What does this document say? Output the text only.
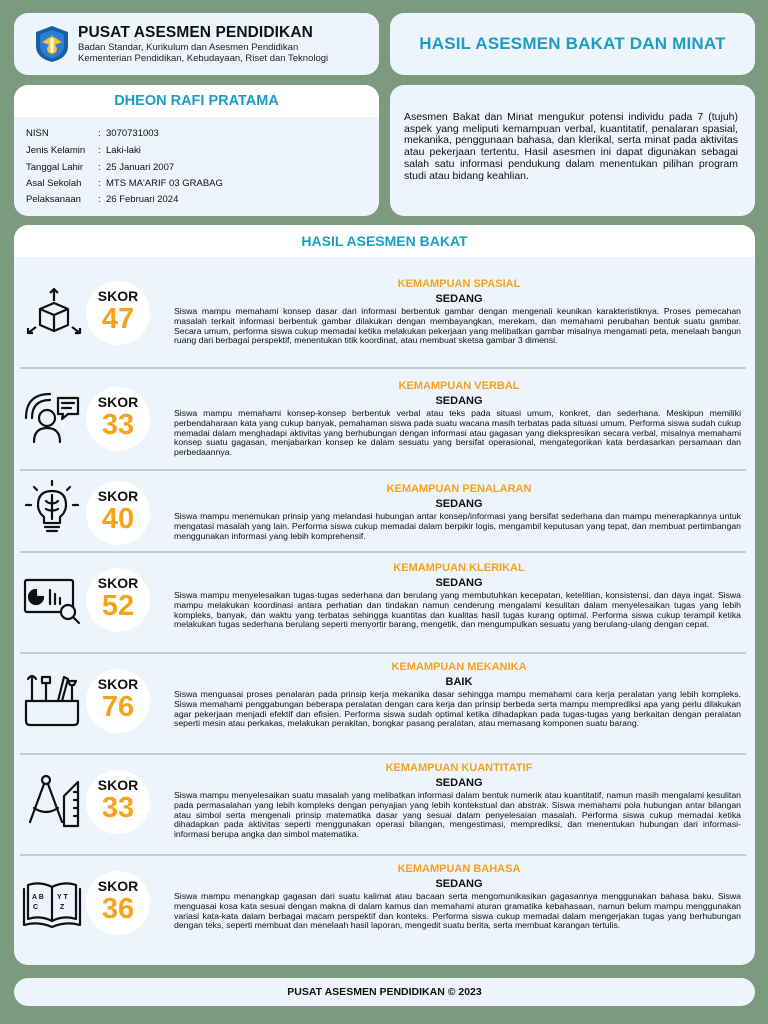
PUSAT ASESMEN PENDIDIKAN
Badan Standar, Kurikulum dan Asesmen Pendidikan
Kementerian Pendidikan, Kebudayaan, Riset dan Teknologi
HASIL ASESMEN BAKAT DAN MINAT
DHEON RAFI PRATAMA
NISN	: 3070731003
Jenis Kelamin	: Laki-laki
Tanggal Lahir	: 25 Januari 2007
Asal Sekolah	: MTS MA'ARIF 03 GRABAG
Pelaksanaan	: 26 Februari 2024
Asesmen Bakat dan Minat mengukur potensi individu pada 7 (tujuh) aspek yang meliputi kemampuan verbal, kuantitatif, penalaran spasial, mekanika, penggunaan bahasa, dan klerikal, serta minat pada aktivitas atau pekerjaan tertentu. Hasil asesmen ini dapat digunakan sebagai salah satu informasi pendukung dalam menentukan pilihan program studi atau bidang keahlian.
HASIL ASESMEN BAKAT
SKOR
47
KEMAMPUAN SPASIAL
SEDANG
Siswa mampu memahami konsep dasar dari informasi berbentuk gambar dengan mengenali keunikan karakteristiknya. Proses pemecahan masalah terkait informasi berbentuk gambar dilakukan dengan membayangkan, merekam, dan memahami perubahan bentuk suatu gambar. Secara umum, performa siswa cukup memadai ketika melakukan pekerjaan yang melibatkan gambar misalnya mengamati peta, menelaah bangun ruang dari berbagai perspektif, menentukan titik koordinat, atau membuat sketsa gambar 3 dimensi.
SKOR
33
KEMAMPUAN VERBAL
SEDANG
Siswa mampu memahami konsep-konsep berbentuk verbal atau teks pada situasi umum, konkret, dan sederhana. Meskipun memiliki perbendaharaan kata yang cukup banyak, pemahaman siswa pada suatu wacana masih terbatas pada situasi umum. Performa siswa sudah cukup memadai dalam menghadapi aktivitas yang berhubungan dengan informasi atau gagasan yang diekspresikan secara verbal, misalnya memahami konsep suatu gagasan, menjabarkan konsep ke dalam sesuatu yang bersifat operasional, mengategorikan kata berdasarkan persamaan dan perbedaannya.
SKOR
40
KEMAMPUAN PENALARAN
SEDANG
Siswa mampu menemukan prinsip yang melandasi hubungan antar konsep/informasi yang bersifat sederhana dan mampu menerapkannya untuk mengatasi masalah yang lain. Performa siswa cukup memadai dalam berpikir logis, mengambil keputusan yang tepat, dan membuat pertimbangan menggunakan informasi yang lebih komprehensif.
SKOR
52
KEMAMPUAN KLERIKAL
SEDANG
Siswa mampu menyelesaikan tugas-tugas sederhana dan berulang yang membutuhkan kecepatan, ketelitian, konsistensi, dan daya ingat. Siswa mampu melakukan koordinasi antara perhatian dan tindakan namun cenderung mengalami kesulitan dalam menyelesaikan tugas yang lebih kompleks, banyak, dan waktu yang terbatas sehingga kuantitas dan kualitas hasil tugas kurang optimal. Performa siswa cukup terampil ketika melakukan tugas sederhana berulang seperti menyortir barang, mengetik, dan mengumpulkan sesuatu yang berulang-ulang dengan cepat.
SKOR
76
KEMAMPUAN MEKANIKA
BAIK
Siswa menguasai proses penalaran pada prinsip kerja mekanika dasar sehingga mampu memahami cara kerja peralatan yang lebih kompleks. Siswa memahami penggabungan beberapa peralatan dengan cara kerja dan prinsip berbeda serta mampu memprediksi apa yang perlu dilakukan agar pekerjaan menjadi efektif dan efisien. Performa siswa sudah optimal ketika dihadapkan pada tugas-tugas yang berkaitan dengan peralatan seperti mesin atau perkakas, melakukan perakitan, bongkar pasang peralatan, atau memasang komponen suatu barang.
SKOR
33
KEMAMPUAN KUANTITATIF
SEDANG
Siswa mampu menyelesaikan suatu masalah yang melibatkan informasi dalam bentuk numerik atau kuantitatif, namun masih mengalami kesulitan pada permasalahan yang lebih kompleks dengan penyajian yang lebih kontekstual dan abstrak. Siswa memahami pola hubungan antar bilangan atau simbol serta mengenali prinsip matematika dasar yang sesuai dalam penyelesaian masalah. Performa siswa cukup memadai ketika dihadapkan pada aktivitas seperti menggunakan operasi bilangan, mengestimasi, memprediksi, dan menentukan hubungan dari informasi-informasi berupa angka dan simbol matematika.
A B
C
Y T
Z
SKOR
36
KEMAMPUAN BAHASA
SEDANG
Siswa mampu menangkap gagasan dari suatu kalimat atau bacaan serta mengomunikasikan gagasannya menggunakan bahasa baku. Siswa menguasai kosa kata sesuai dengan makna di dalam kamus dan memahami aturan gramatika kebahasaan, namun belum mampu menggunakan variasi kata-kata dalam berbagai macam perspektif dan konteks. Performa siswa cukup memadai dalam mengerjakan tugas yang berhubungan dengan teks, seperti membuat dan menelaah hasil laporan, mengedit suatu berita, serta membuat karangan tertulis.
PUSAT ASESMEN PENDIDIKAN © 2023
